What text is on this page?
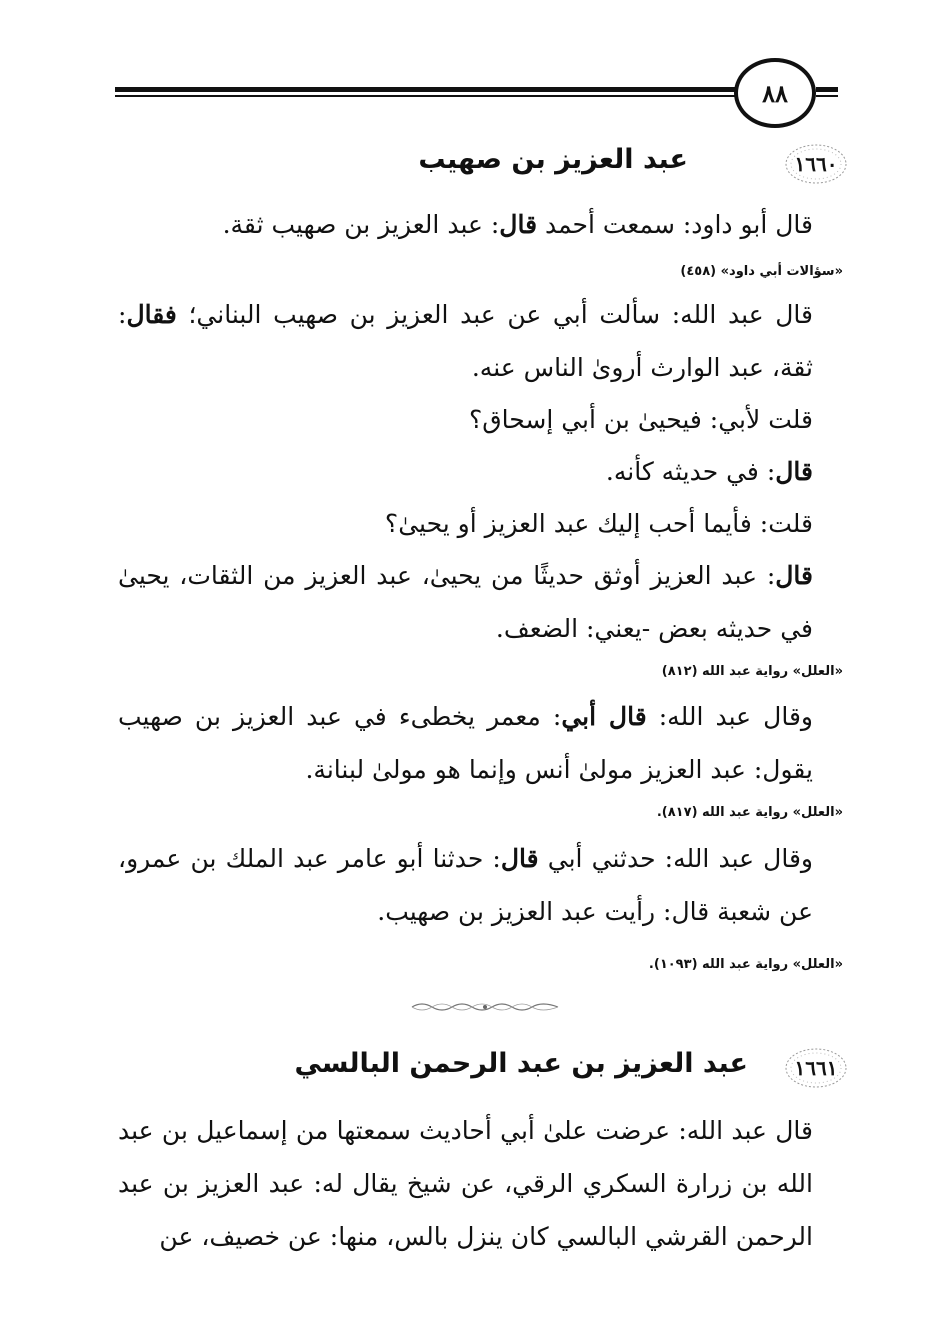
٨٨
١٦٦٠
عبد العزيز بن صهيب

قال أبو داود: سمعت أحمد قال: عبد العزيز بن صهيب ثقة.

«سؤالات أبي داود» (٤٥٨)

قال عبد الله: سألت أبي عن عبد العزيز بن صهيب البناني؛ فقال: ثقة، عبد الوارث أروىٰ الناس عنه.

قلت لأبي: فيحيىٰ بن أبي إسحاق؟

قال: في حديثه كأنه.

قلت: فأيما أحب إليك عبد العزيز أو يحيىٰ؟

قال: عبد العزيز أوثق حديثًا من يحيىٰ، عبد العزيز من الثقات، يحيىٰ في حديثه بعض -يعني: الضعف.

«العلل» رواية عبد الله (٨١٢)

وقال عبد الله: قال أبي: معمر يخطىء في عبد العزيز بن صهيب يقول: عبد العزيز مولىٰ أنس وإنما هو مولىٰ لبنانة.

«العلل» رواية عبد الله (٨١٧).

وقال عبد الله: حدثني أبي قال: حدثنا أبو عامر عبد الملك بن عمرو، عن شعبة قال: رأيت عبد العزيز بن صهيب.

«العلل» رواية عبد الله (١٠٩٣).
١٦٦١
عبد العزيز بن عبد الرحمن البالسي

قال عبد الله: عرضت علىٰ أبي أحاديث سمعتها من إسماعيل بن عبد الله بن زرارة السكري الرقي، عن شيخ يقال له: عبد العزيز بن عبد الرحمن القرشي البالسي كان ينزل بالس، منها: عن خصيف، عن
